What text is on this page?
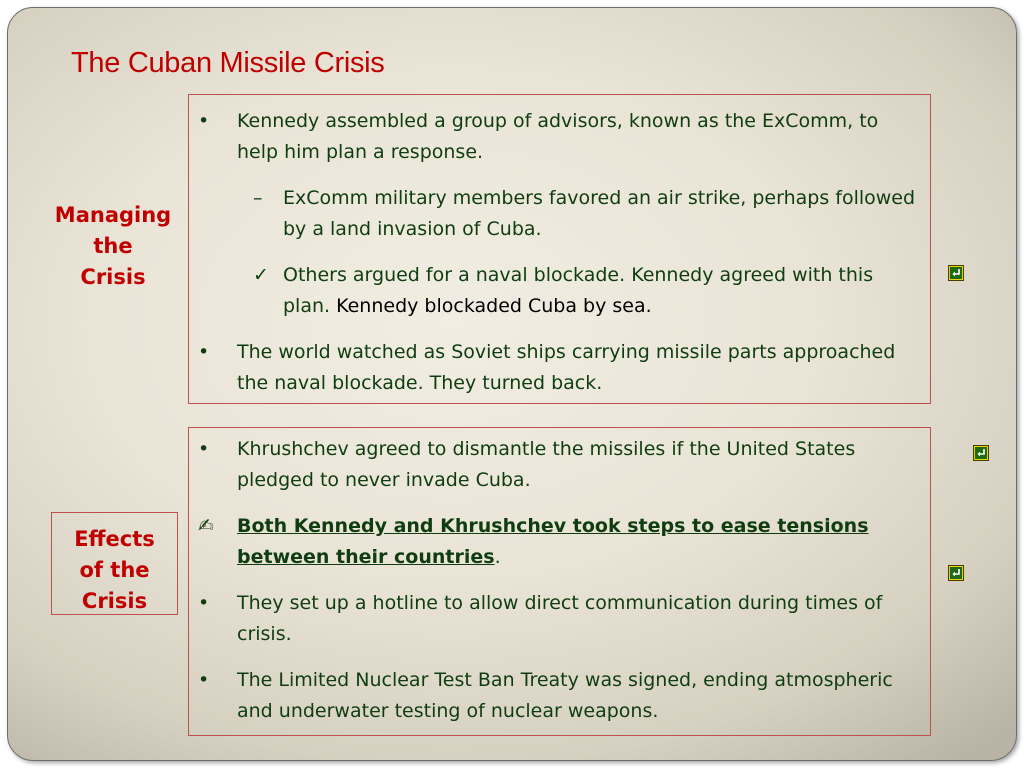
The Cuban Missile Crisis
Managing
the
Crisis
•	Kennedy assembled a group of advisors, known as the ExComm, to help him plan a response.
–	ExComm military members favored an air strike, perhaps followed by a land invasion of Cuba.
✓ Others argued for a naval blockade. Kennedy agreed with this plan. Kennedy blockaded Cuba by sea.
•	The world watched as Soviet ships carrying missile parts approached the naval blockade. They turned back.
Effects
of the
Crisis
•	Khrushchev agreed to dismantle the missiles if the United States pledged to never invade Cuba.
✍	Both Kennedy and Khrushchev took steps to ease tensions between their countries.
•	They set up a hotline to allow direct communication during times of crisis.
•	The Limited Nuclear Test Ban Treaty was signed, ending atmospheric and underwater testing of nuclear weapons.
